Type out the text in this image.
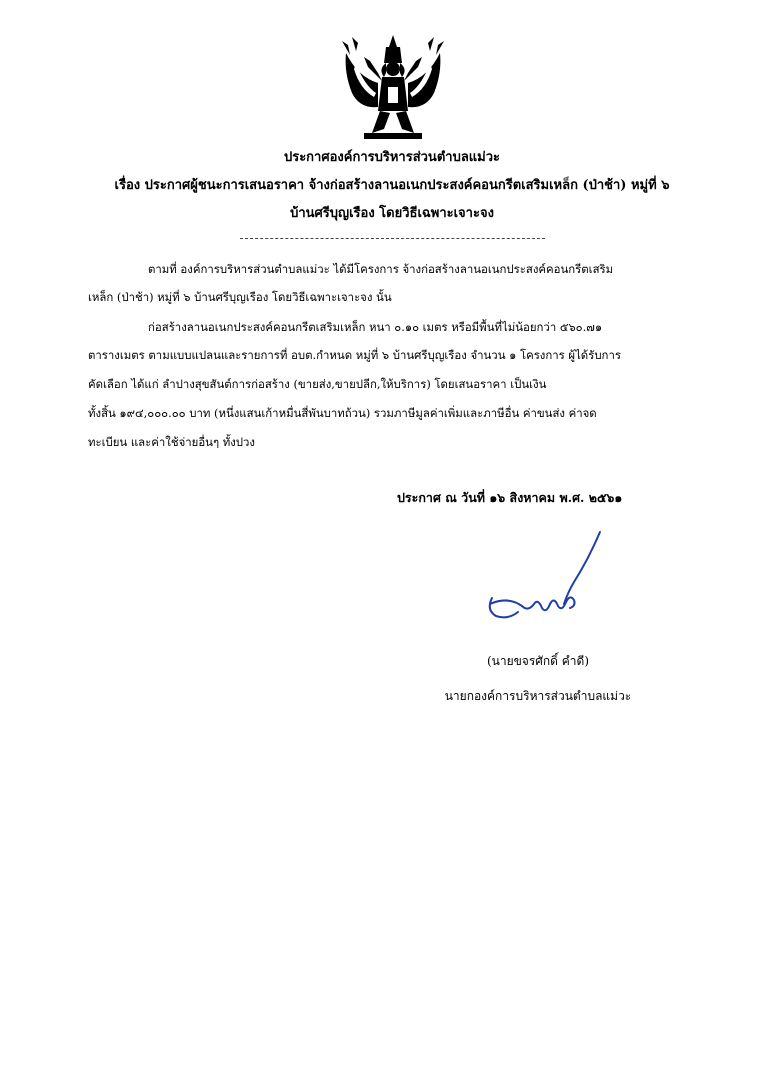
ประกาศองค์การบริหารส่วนตำบลแม่วะ
เรื่อง ประกาศผู้ชนะการเสนอราคา จ้างก่อสร้างลานอเนกประสงค์คอนกรีตเสริมเหล็ก (ป่าช้า) หมู่ที่ ๖
บ้านศรีบุญเรือง โดยวิธีเฉพาะเจาะจง
ตามที่ องค์การบริหารส่วนตำบลแม่วะ ได้มีโครงการ จ้างก่อสร้างลานอเนกประสงค์คอนกรีตเสริม
เหล็ก (ป่าช้า) หมู่ที่ ๖ บ้านศรีบุญเรือง โดยวิธีเฉพาะเจาะจง นั้น
ก่อสร้างลานอเนกประสงค์คอนกรีตเสริมเหล็ก หนา ๐.๑๐ เมตร หรือมีพื้นที่ไม่น้อยกว่า ๕๖๐.๗๑
ตารางเมตร ตามแบบแปลนและรายการที่ อบต.กำหนด หมู่ที่ ๖ บ้านศรีบุญเรือง จำนวน ๑ โครงการ ผู้ได้รับการ
คัดเลือก ได้แก่ ลำปางสุขสันต์การก่อสร้าง (ขายส่ง,ขายปลีก,ให้บริการ) โดยเสนอราคา เป็นเงิน
ทั้งสิ้น ๑๙๔,๐๐๐.๐๐ บาท (หนึ่งแสนเก้าหมื่นสี่พันบาทถ้วน) รวมภาษีมูลค่าเพิ่มและภาษีอื่น ค่าขนส่ง ค่าจด
ทะเบียน และค่าใช้จ่ายอื่นๆ ทั้งปวง
ประกาศ ณ วันที่ ๑๖ สิงหาคม พ.ศ. ๒๕๖๑
(นายขจรศักดิ์ คำดี)
นายกองค์การบริหารส่วนตำบลแม่วะ
